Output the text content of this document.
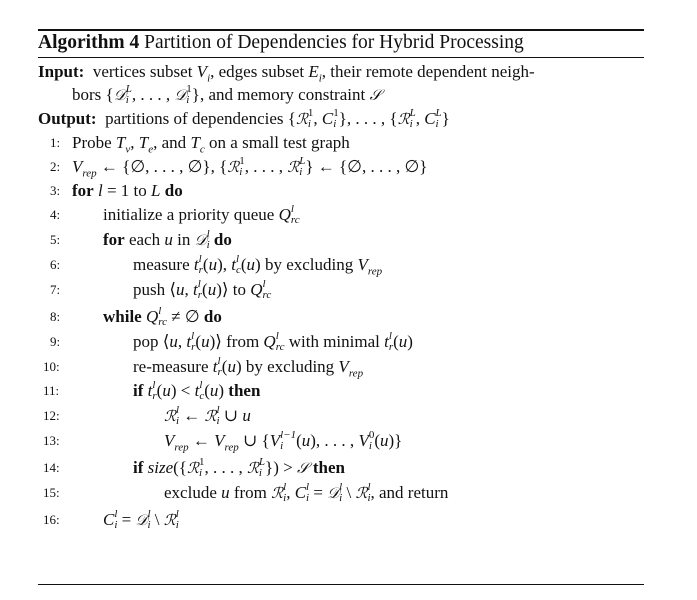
Algorithm 4 Partition of Dependencies for Hybrid Processing
Input: vertices subset $V_i$, edges subset $E_i$, their remote dependent neigh-
bors {𝒟 L
i , . . . , 𝒟 1
i }, and memory constraint 𝒮
Output: partitions of dependencies {ℛ 1
i , C 1
i }, . . . , {ℛ L
i , C L
i }
1: Probe $T_v$, $T_e$, and $T_c$ on a small test graph
2: $V_{rep}$ ← {∅, . . . , ∅}, {ℛ 1
i , . . . , ℛ L
i } ← {∅, . . . , ∅}
3: for l = 1 to L do
4:	initialize a priority queue Q l
rc
5:	for each u in 𝒟 l
i do
6:	measure t l
r (u), t l
c (u) by excluding $V_{rep}$
7:	push ⟨u, t l
r (u)⟩ to Q l
rc
8:	while Q l
rc ≠ ∅ do
9:	pop ⟨u, t l
r (u)⟩ from Q l
rc with minimal t l
r (u)
10:	re-measure t l
r (u) by excluding $V_{rep}$
11:	if t l
r (u) < t l
c (u) then
12:	ℛ l
i ← ℛ l
i ∪ u
13:	$V_{rep}$ ← $V_{rep}$ ∪ {V l−1
i (u), . . . , V 0
i (u)}
14:	if size({ℛ 1
i , . . . , ℛ L
i }) > 𝒮 then
15:	exclude u from ℛ l
i , C l
i = 𝒟 l
i \ ℛ l
i , and return
16:	C l
i = 𝒟 l
i \ ℛ l
i
